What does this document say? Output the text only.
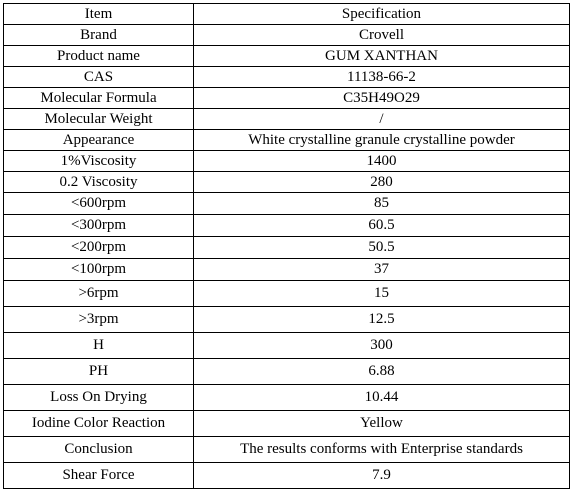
Item	Specification
Brand	Crovell
Product name	GUM XANTHAN
CAS	11138-66-2
Molecular Formula	C35H49O29
Molecular Weight	/
Appearance	White crystalline granule crystalline powder
1%Viscosity	1400
0.2 Viscosity	280
<600rpm	85
<300rpm	60.5
<200rpm	50.5
<100rpm	37
>6rpm	15
>3rpm	12.5
H	300
PH	6.88
Loss On Drying	10.44
Iodine Color Reaction	Yellow
Conclusion	The results conforms with Enterprise standards
Shear Force	7.9
